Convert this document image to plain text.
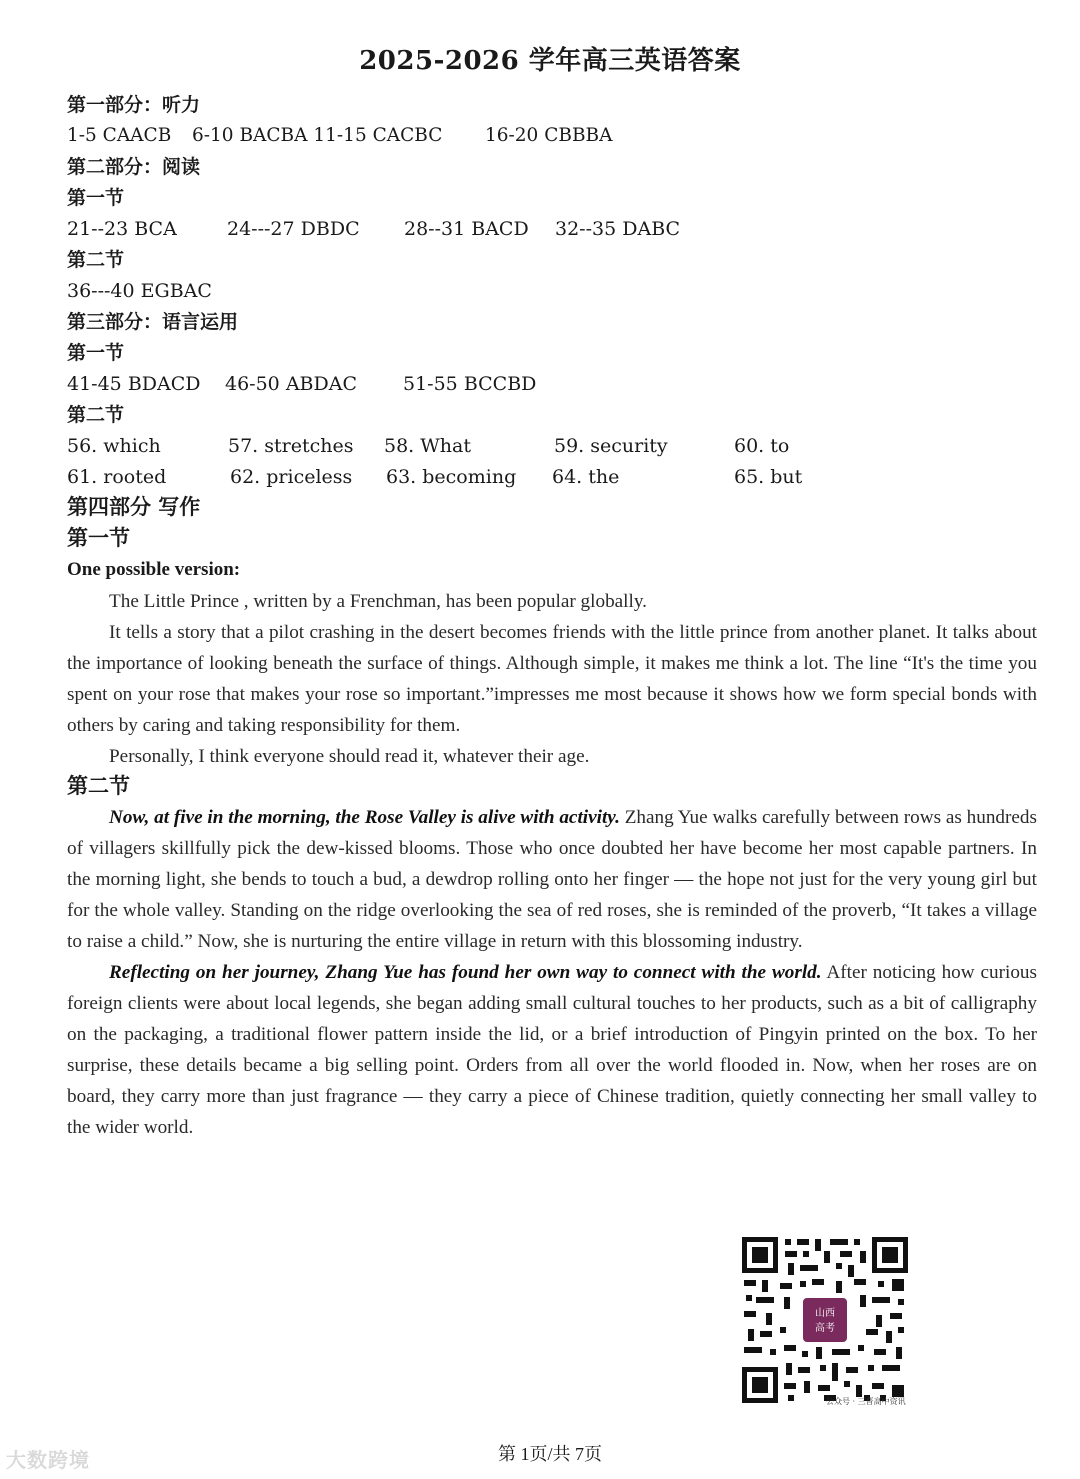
2025-2026 学年高三英语答案
第一部分：听力
1-5 CAACB 6-10 BACBA 11-15 CACBC 16-20 CBBBA
第二部分：阅读
第一节
21--23 BCA	24---27 DBDC 28--31 BACD 32--35 DABC
第二节
36---40 EGBAC
第三部分：语言运用
第一节
41-45 BDACD 46-50 ABDAC 51-55 BCCBD
第二节
56. which	57. stretches 58. What	59. security	60. to
61. rooted	62. priceless 63. becoming 64. the	65. but
第四部分 写作
第一节
One possible version:

The Little Prince , written by a Frenchman, has been popular globally.

It tells a story that a pilot crashing in the desert becomes friends with the little prince from another planet. It talks about the importance of looking beneath the surface of things. Although simple, it makes me think a lot. The line “It's the time you spent on your rose that makes your rose so important.”impresses me most because it shows how we form special bonds with others by caring and taking responsibility for them.

Personally, I think everyone should read it, whatever their age.

第二节

Now, at five in the morning, the Rose Valley is alive with activity. Zhang Yue walks carefully between rows as hundreds of villagers skillfully pick the dew-kissed blooms. Those who once doubted her have become her most capable partners. In the morning light, she bends to touch a bud, a dewdrop rolling onto her finger — the hope not just for the very young girl but for the whole valley. Standing on the ridge overlooking the sea of red roses, she is reminded of the proverb, “It takes a village to raise a child.” Now, she is nurturing the entire village in return with this blossoming industry.

Reflecting on her journey, Zhang Yue has found her own way to connect with the world. After noticing how curious foreign clients were about local legends, she began adding small cultural touches to her products, such as a bit of calligraphy on the packaging, a traditional flower pattern inside the lid, or a brief introduction of Pingyin printed on the box. To her surprise, these details became a big selling point. Orders from all over the world flooded in. Now, when her roses are on board, they carry more than just fragrance — they carry a piece of Chinese tradition, quietly connecting her small valley to the wider world.

山西
高考
公众号 · 三晋高中资讯
第 1页/共 7页
大数跨境
